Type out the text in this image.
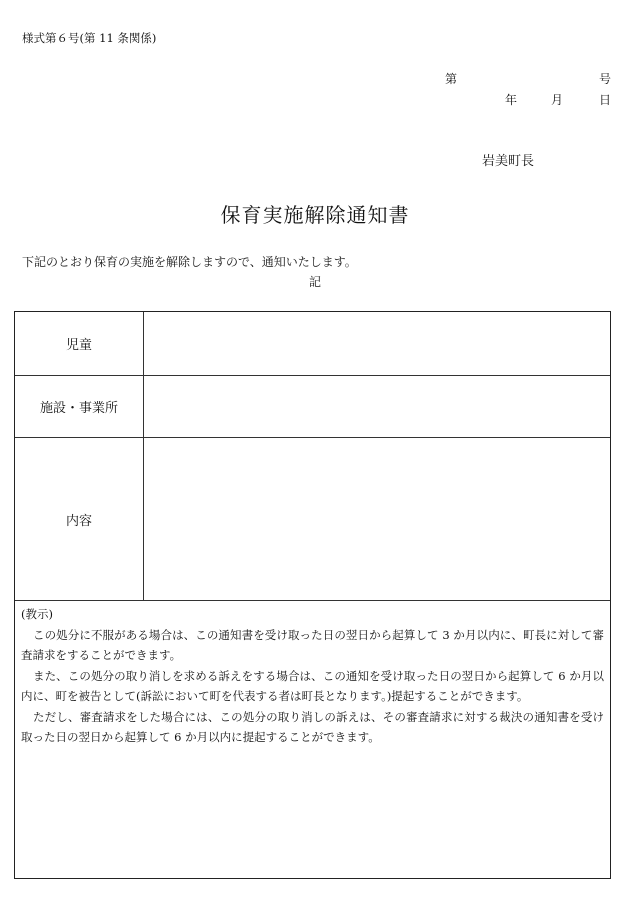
様式第６号(第 11 条関係)
第	号
年	月	日
岩美町長
保育実施解除通知書
下記のとおり保育の実施を解除しますので、通知いたします。
記
児童
施設・事業所
内容
(教示)
この処分に不服がある場合は、この通知書を受け取った日の翌日から起算して 3 か月以内に、町長に対して審査請求をすることができます。
また、この処分の取り消しを求める訴えをする場合は、この通知を受け取った日の翌日から起算して 6 か月以内に、町を被告として(訴訟において町を代表する者は町長となります。)提起することができます。
ただし、審査請求をした場合には、この処分の取り消しの訴えは、その審査請求に対する裁決の通知書を受け取った日の翌日から起算して 6 か月以内に提起することができます。
